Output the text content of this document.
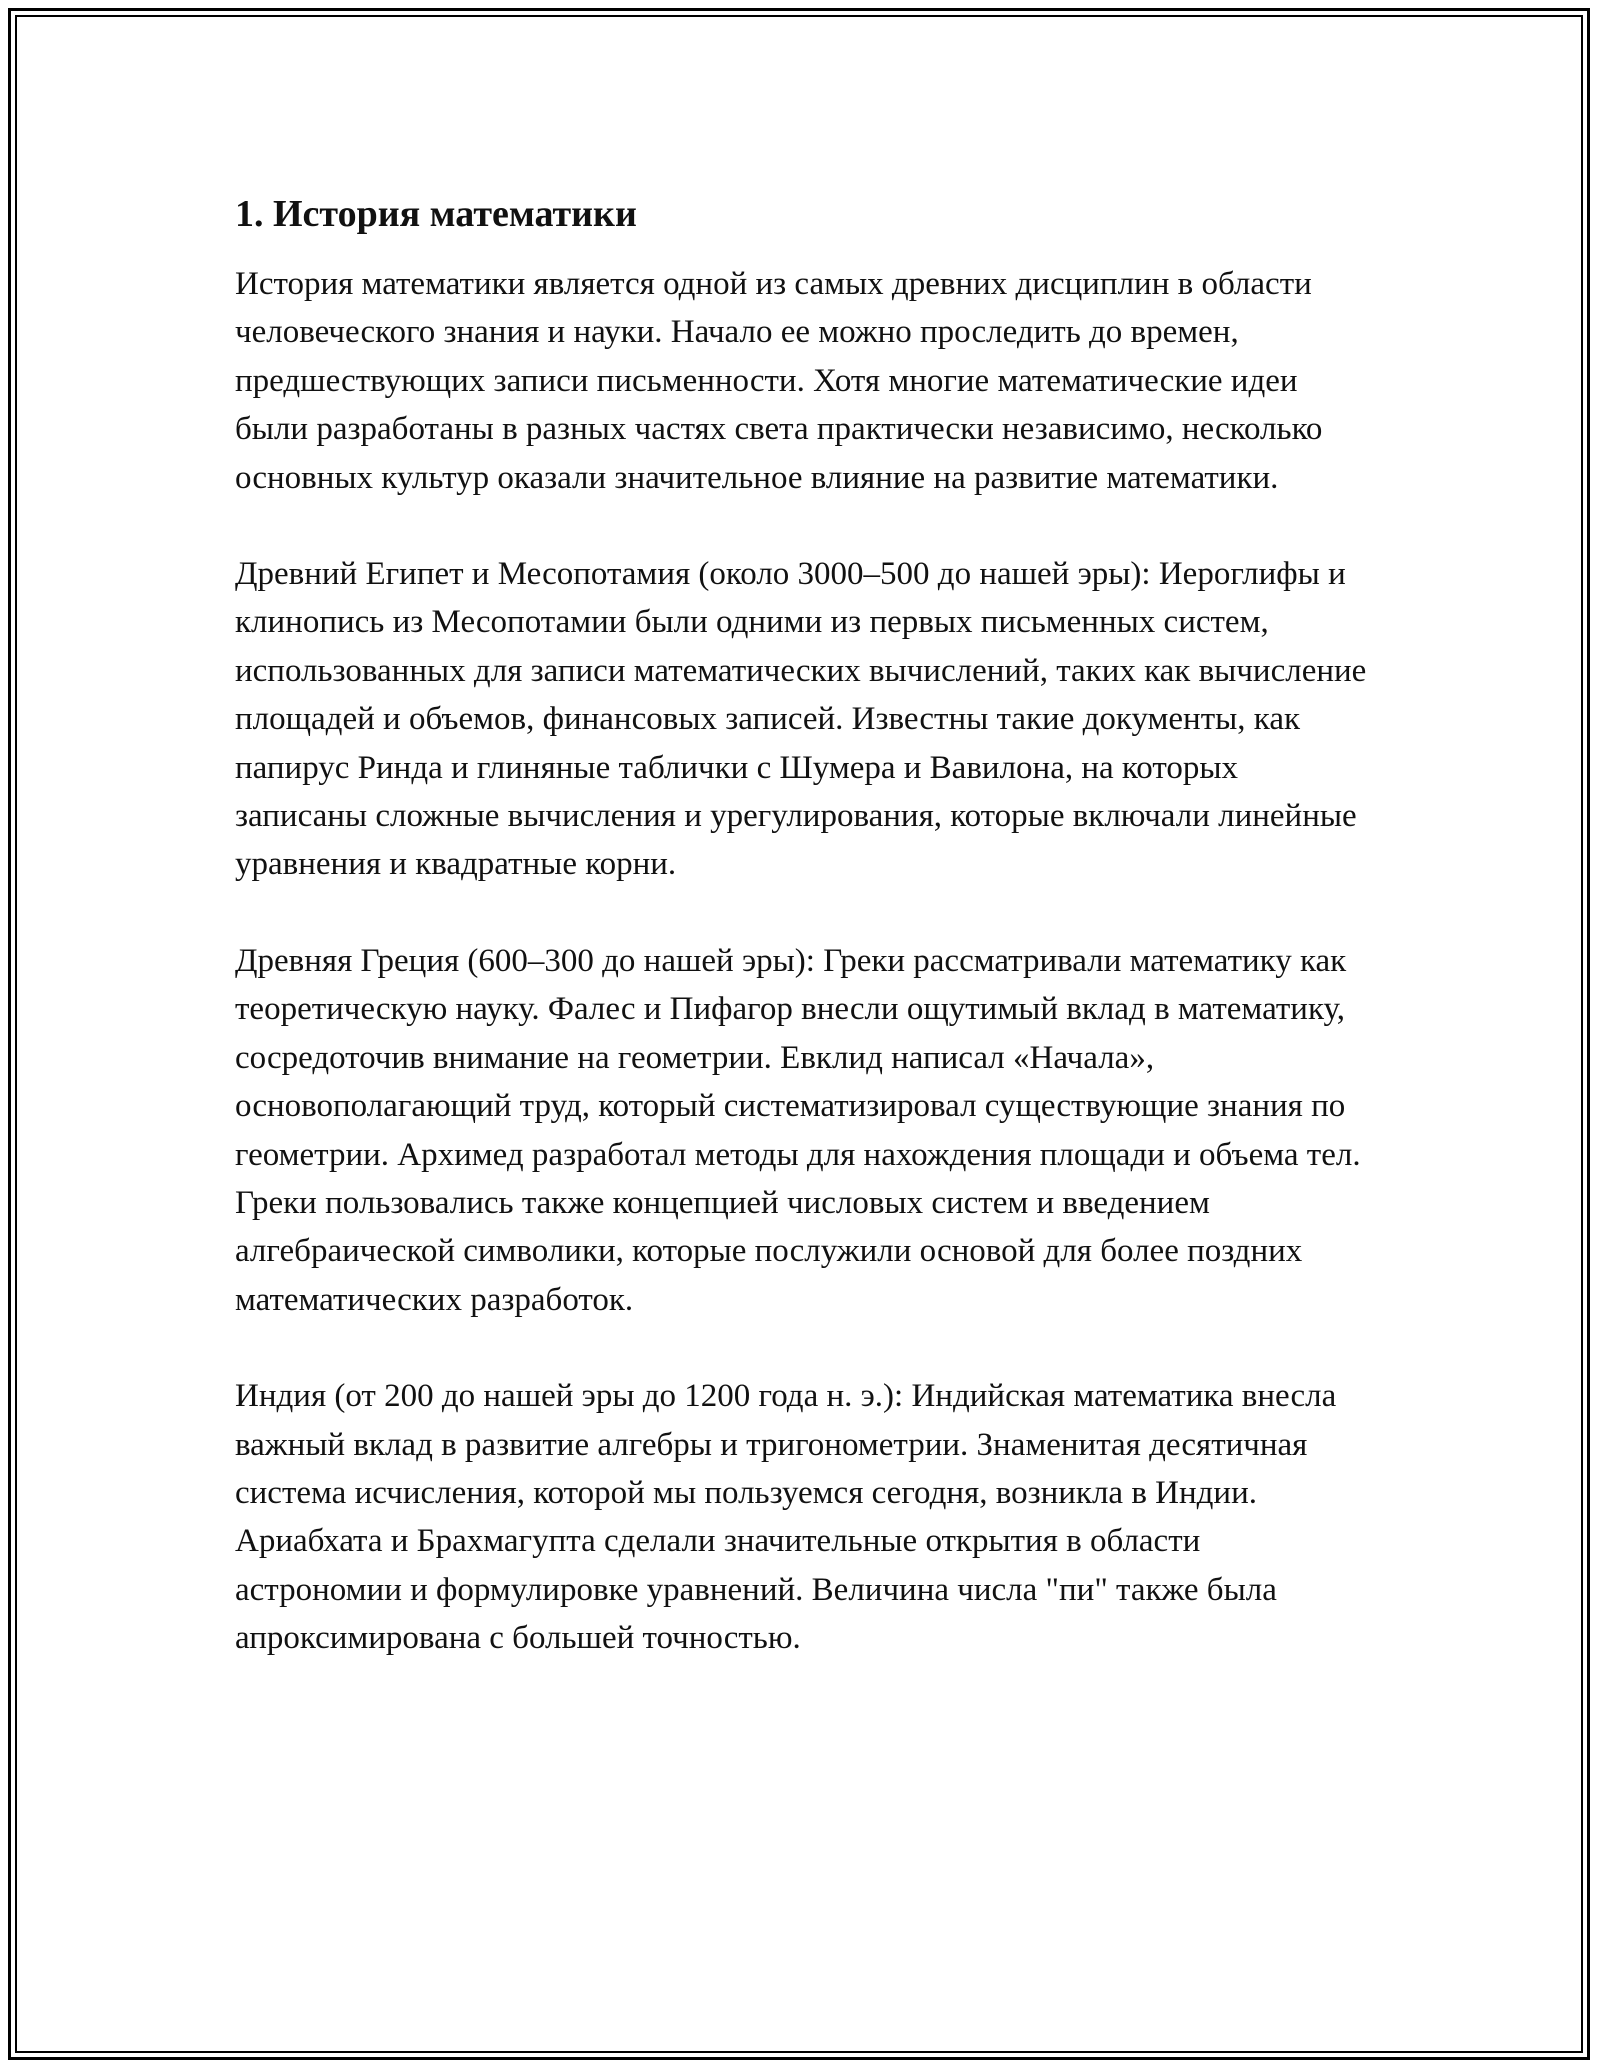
1. История математики

История математики является одной из самых древних дисциплин в области человеческого знания и науки. Начало ее можно проследить до времен, предшествующих записи письменности. Хотя многие математические идеи были разработаны в разных частях света практически независимо, несколько основных культур оказали значительное влияние на развитие математики.

Древний Египет и Месопотамия (около 3000–500 до нашей эры): Иероглифы и клинопись из Месопотамии были одними из первых письменных систем, использованных для записи математических вычислений, таких как вычисление площадей и объемов, финансовых записей. Известны такие документы, как папирус Ринда и глиняные таблички с Шумера и Вавилона, на которых записаны сложные вычисления и урегулирования, которые включали линейные уравнения и квадратные корни.

Древняя Греция (600–300 до нашей эры): Греки рассматривали математику как теоретическую науку. Фалес и Пифагор внесли ощутимый вклад в математику, сосредоточив внимание на геометрии. Евклид написал «Начала», основополагающий труд, который систематизировал существующие знания по геометрии. Архимед разработал методы для нахождения площади и объема тел. Греки пользовались также концепцией числовых систем и введением алгебраической символики, которые послужили основой для более поздних математических разработок.

Индия (от 200 до нашей эры до 1200 года н. э.): Индийская математика внесла важный вклад в развитие алгебры и тригонометрии. Знаменитая десятичная система исчисления, которой мы пользуемся сегодня, возникла в Индии. Ариабхата и Брахмагупта сделали значительные открытия в области астрономии и формулировке уравнений. Величина числа "пи" также была апроксимирована с большей точностью.
